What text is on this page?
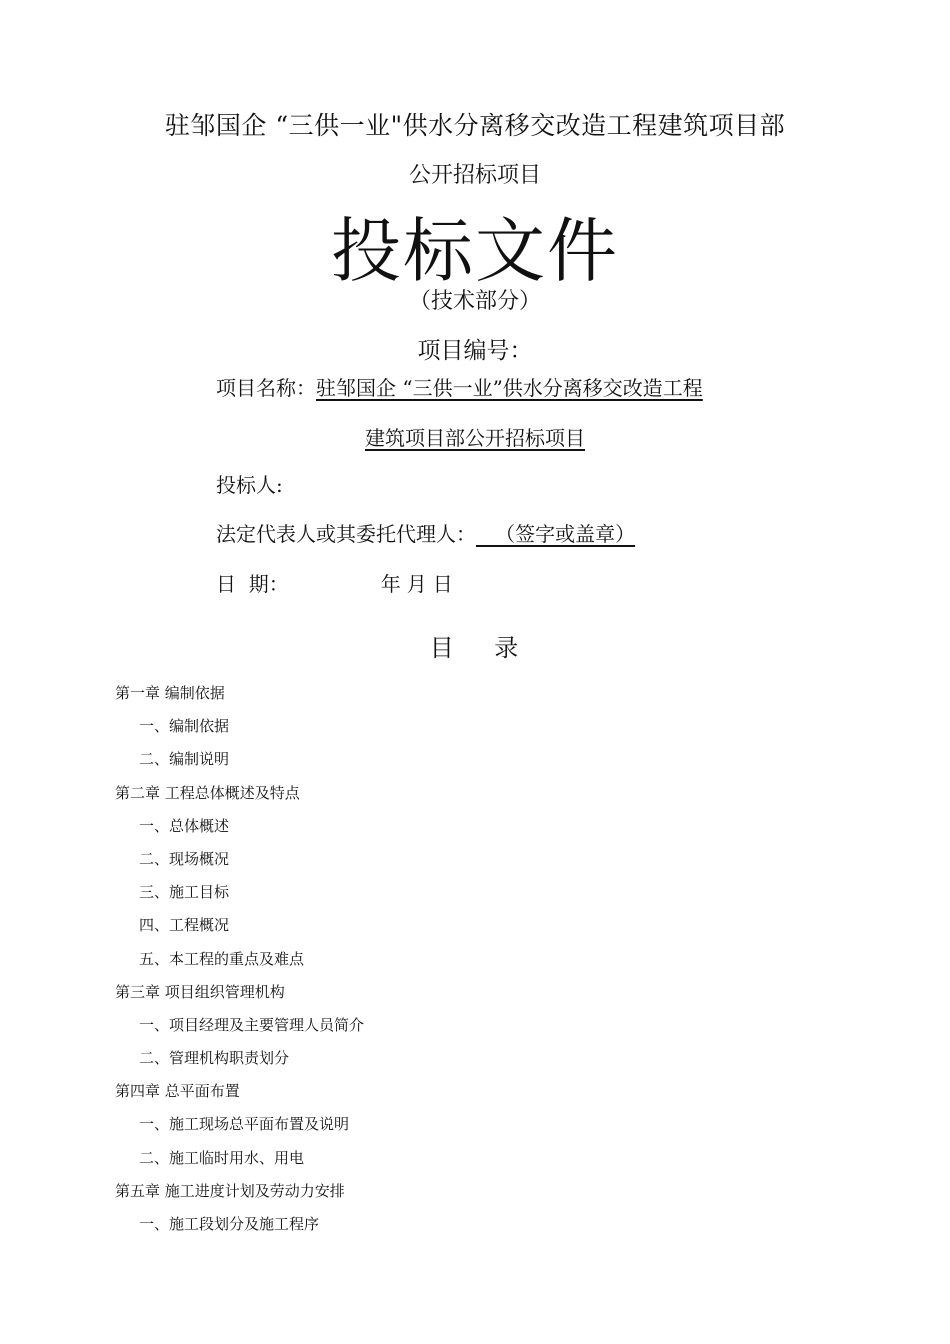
驻邹国企 “三供一业"供水分离移交改造工程建筑项目部
公开招标项目
投标文件
（技术部分）
项目编号：
项目名称：驻邹国企 “三供一业”供水分离移交改造工程
建筑项目部公开招标项目
投标人:
法定代表人或其委托代理人：   （签字或盖章）
日  期：	年 月 日
目    录
第一章 编制依据
一、编制依据
二、编制说明
第二章 工程总体概述及特点
一、总体概述
二、现场概况
三、施工目标
四、工程概况
五、本工程的重点及难点
第三章 项目组织管理机构
一、项目经理及主要管理人员简介
二、管理机构职责划分
第四章 总平面布置
一、施工现场总平面布置及说明
二、施工临时用水、用电
第五章 施工进度计划及劳动力安排
一、施工段划分及施工程序
